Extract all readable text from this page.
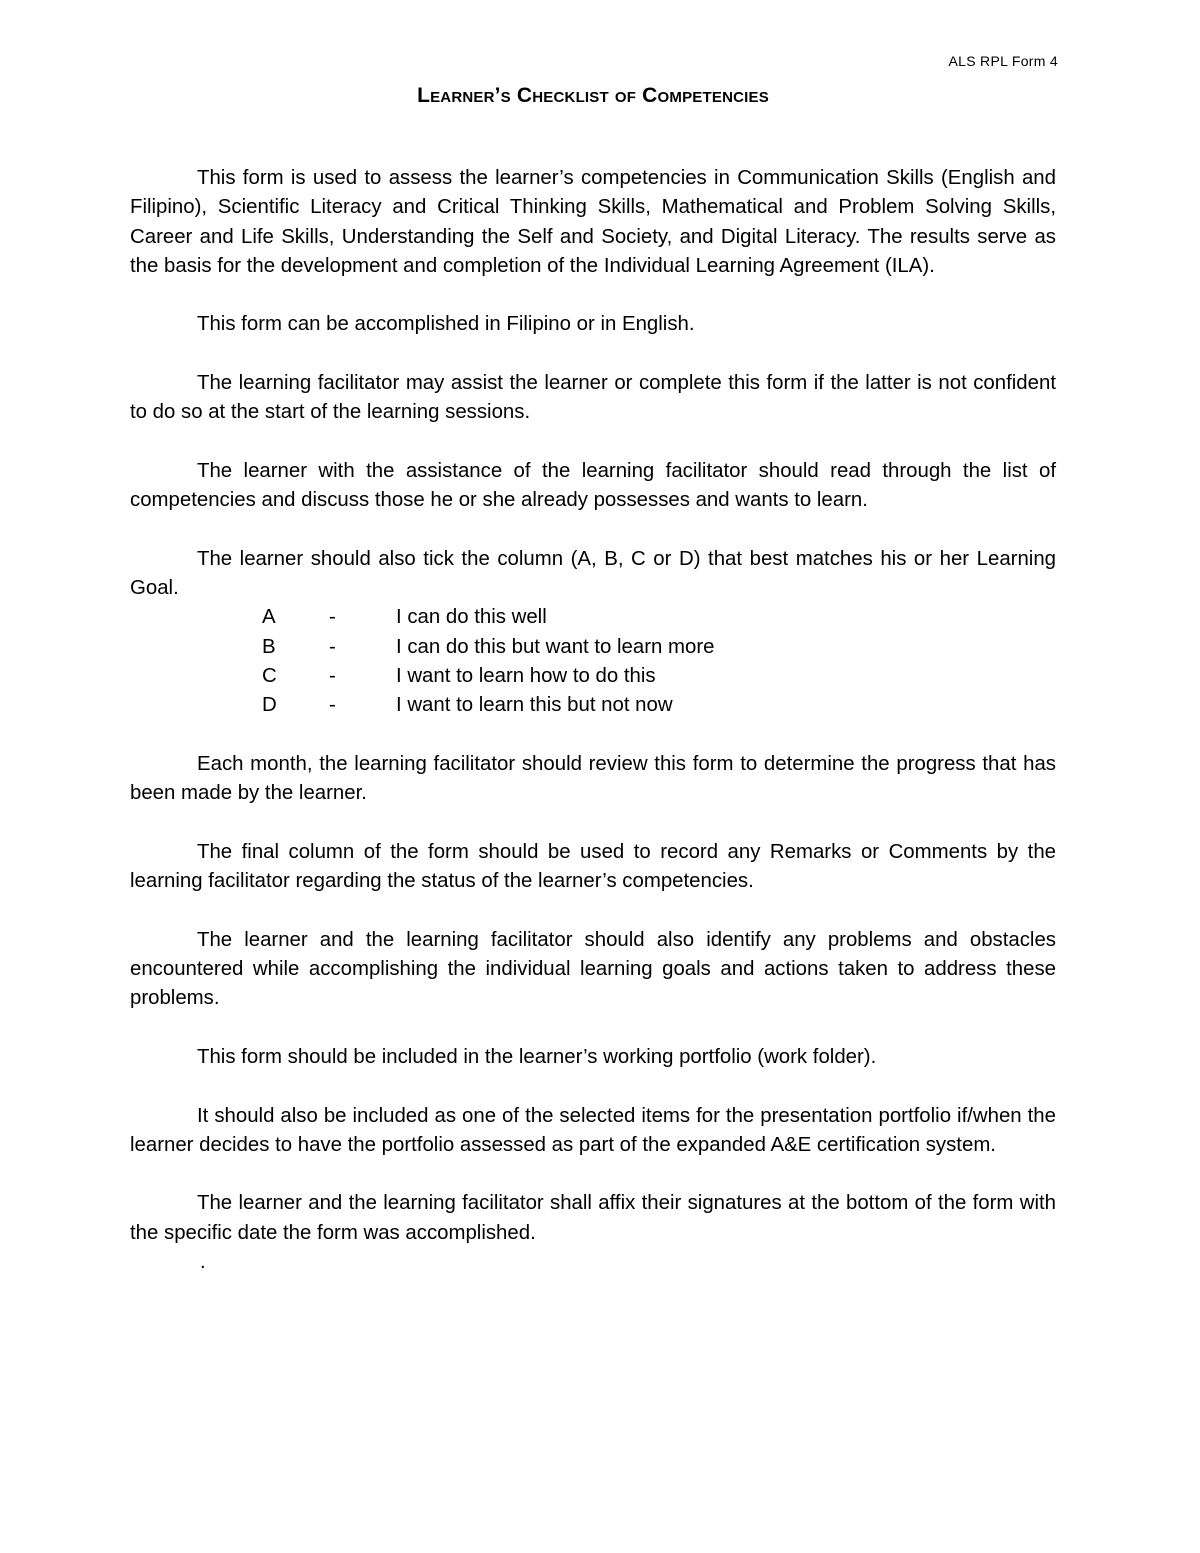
ALS RPL Form 4
Learner’s Checklist of Competencies

This form is used to assess the learner’s competencies in Communication Skills (English and Filipino), Scientific Literacy and Critical Thinking Skills, Mathematical and Problem Solving Skills, Career and Life Skills, Understanding the Self and Society, and Digital Literacy. The results serve as the basis for the development and completion of the Individual Learning Agreement (ILA).

This form can be accomplished in Filipino or in English.

The learning facilitator may assist the learner or complete this form if the latter is not confident to do so at the start of the learning sessions.

The learner with the assistance of the learning facilitator should read through the list of competencies and discuss those he or she already possesses and wants to learn.

The learner should also tick the column (A, B, C or D) that best matches his or her Learning Goal.

A	-	I can do this well
B	-	I can do this but want to learn more
C	-	I want to learn how to do this
D	-	I want to learn this but not now

Each month, the learning facilitator should review this form to determine the progress that has been made by the learner.

The final column of the form should be used to record any Remarks or Comments by the learning facilitator regarding the status of the learner’s competencies.

The learner and the learning facilitator should also identify any problems and obstacles encountered while accomplishing the individual learning goals and actions taken to address these problems.

This form should be included in the learner’s working portfolio (work folder).

It should also be included as one of the selected items for the presentation portfolio if/when the learner decides to have the portfolio assessed as part of the expanded A&E certification system.

The learner and the learning facilitator shall affix their signatures at the bottom of the form with the specific date the form was accomplished.

.
